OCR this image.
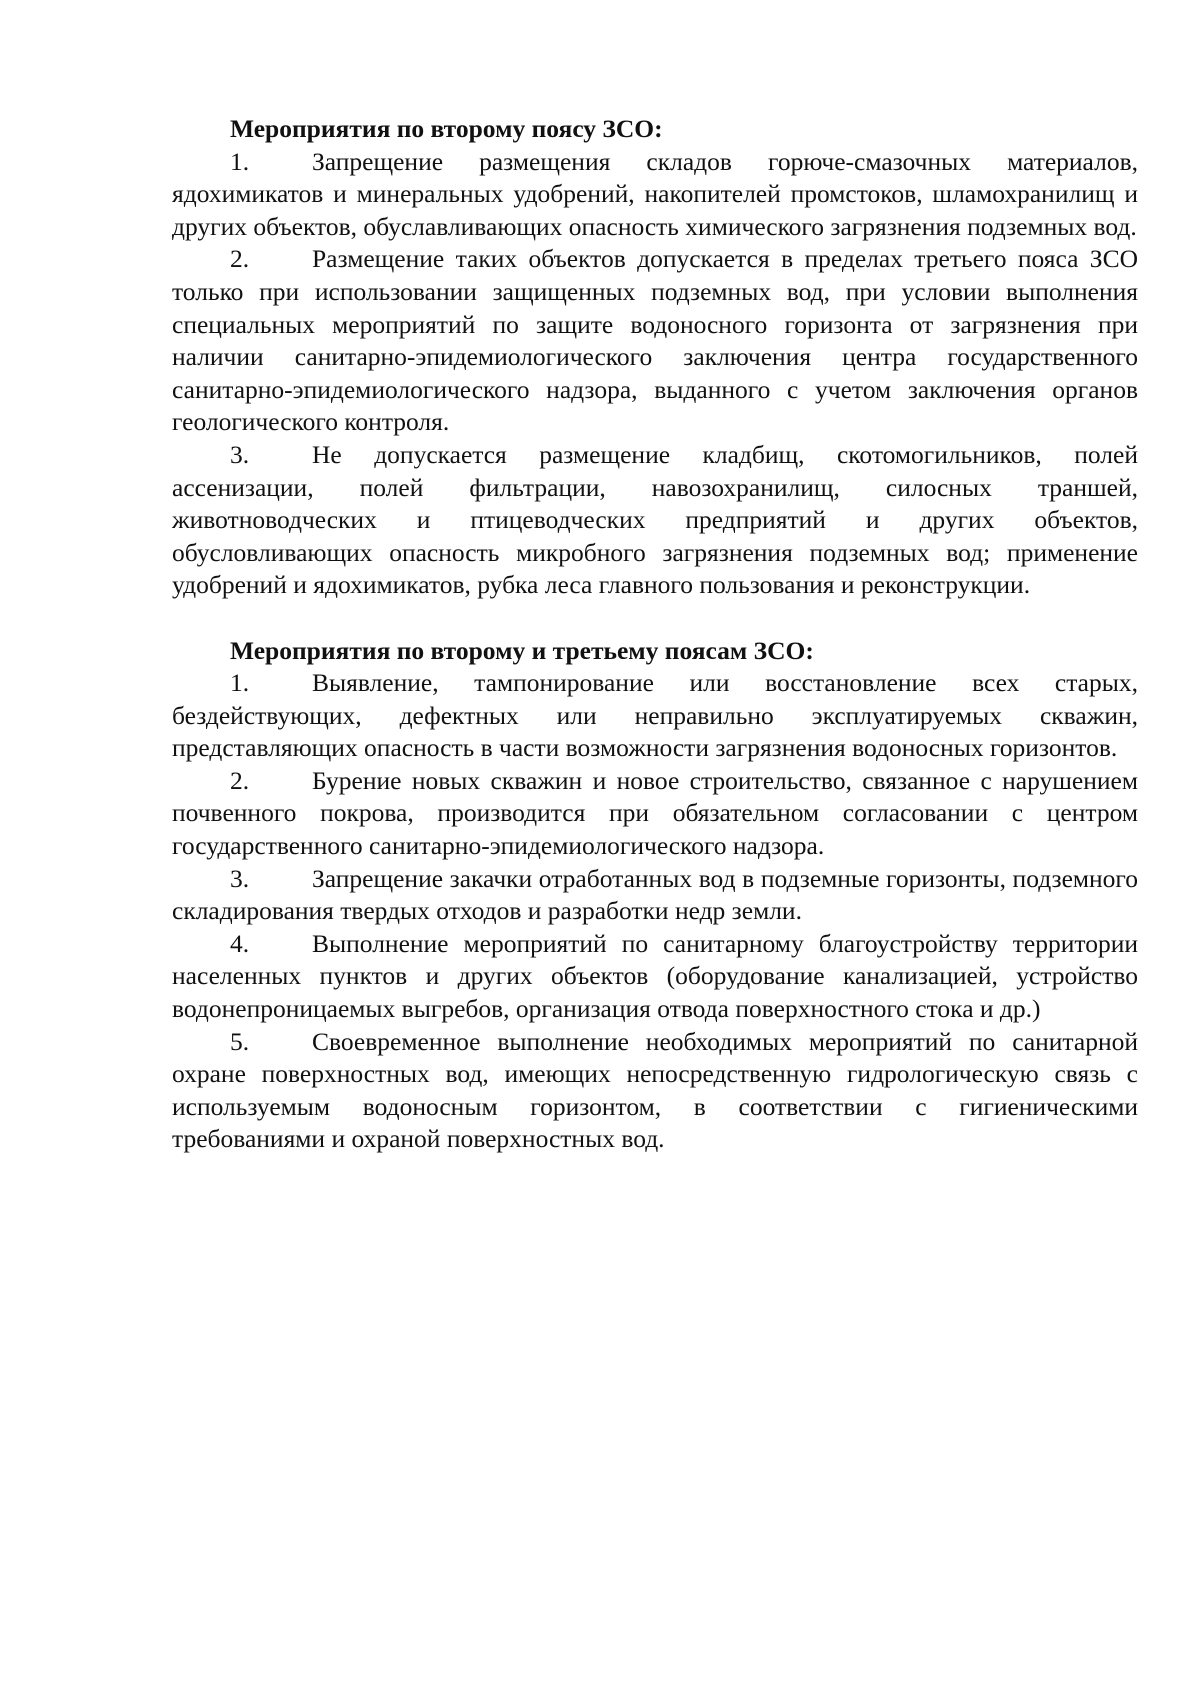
Мероприятия по второму поясу ЗСО:

1. Запрещение размещения складов горюче-смазочных материалов, ядохимикатов и минеральных удобрений, накопителей промстоков, шламохранилищ и других объектов, обуславливающих опасность химического загрязнения подземных вод.

2. Размещение таких объектов допускается в пределах третьего пояса ЗСО только при использовании защищенных подземных вод, при условии выполнения специальных мероприятий по защите водоносного горизонта от загрязнения при наличии санитарно-эпидемиологического заключения центра государственного санитарно-эпидемиологического надзора, выданного с учетом заключения органов геологического контроля.

3. Не допускается размещение кладбищ, скотомогильников, полей ассенизации, полей фильтрации, навозохранилищ, силосных траншей, животноводческих и птицеводческих предприятий и других объектов, обусловливающих опасность микробного загрязнения подземных вод; применение удобрений и ядохимикатов, рубка леса главного пользования и реконструкции.

Мероприятия по второму и третьему поясам ЗСО:

1. Выявление, тампонирование или восстановление всех старых, бездействующих, дефектных или неправильно эксплуатируемых скважин, представляющих опасность в части возможности загрязнения водоносных горизонтов.

2. Бурение новых скважин и новое строительство, связанное с нарушением почвенного покрова, производится при обязательном согласовании с центром государственного санитарно-эпидемиологического надзора.

3. Запрещение закачки отработанных вод в подземные горизонты, подземного складирования твердых отходов и разработки недр земли.

4. Выполнение мероприятий по санитарному благоустройству территории населенных пунктов и других объектов (оборудование канализацией, устройство водонепроницаемых выгребов, организация отвода поверхностного стока и др.)

5. Своевременное выполнение необходимых мероприятий по санитарной охране поверхностных вод, имеющих непосредственную гидрологическую связь с используемым водоносным горизонтом, в соответствии с гигиеническими требованиями и охраной поверхностных вод.
